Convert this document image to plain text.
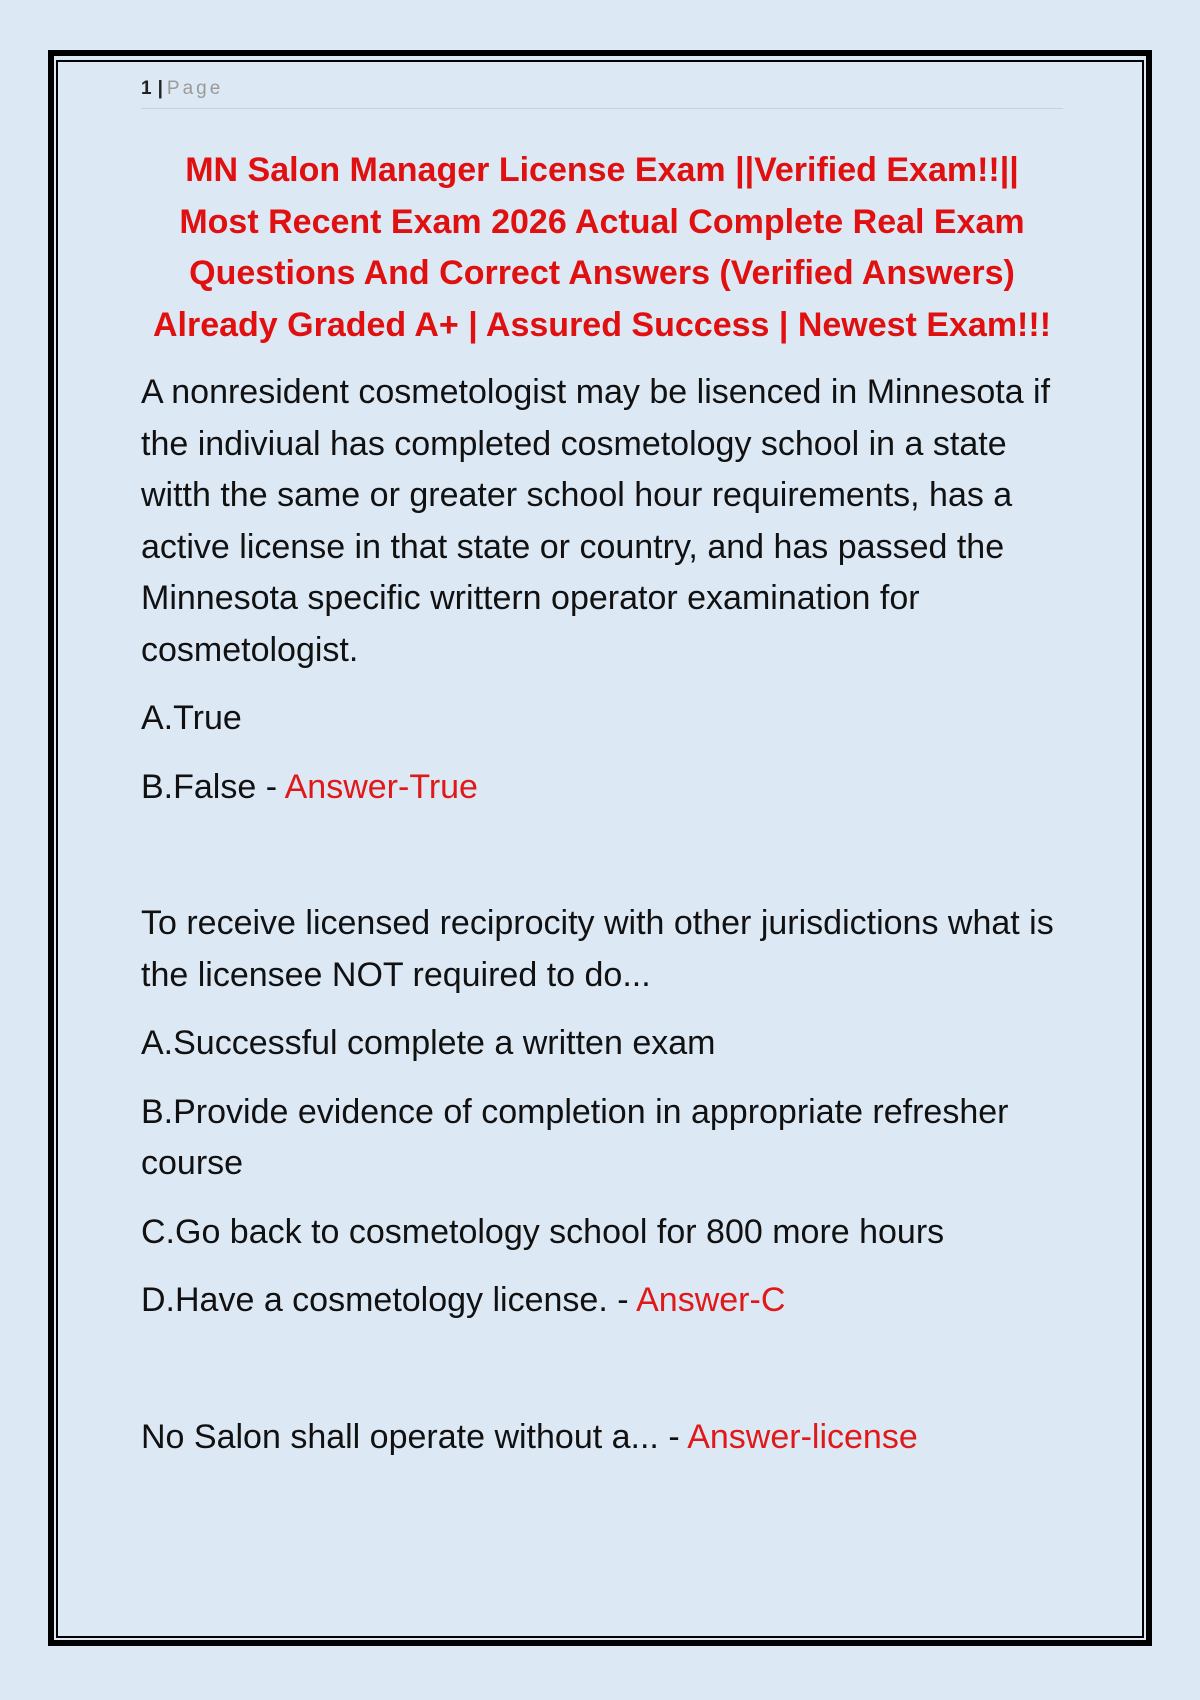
1 | Page
MN Salon Manager License Exam ||Verified Exam!!|| Most Recent Exam 2026 Actual Complete Real Exam Questions And Correct Answers (Verified Answers) Already Graded A+ | Assured Success | Newest Exam!!!

A nonresident cosmetologist may be lisenced in Minnesota if the indiviual has completed cosmetology school in a state witth the same or greater school hour requirements, has a active license in that state or country, and has passed the Minnesota specific writtern operator examination for cosmetologist.

A.True

B.False - Answer-True

To receive licensed reciprocity with other jurisdictions what is the licensee NOT required to do...

A.Successful complete a written exam

B.Provide evidence of completion in appropriate refresher course

C.Go back to cosmetology school for 800 more hours

D.Have a cosmetology license. - Answer-C

No Salon shall operate without a... - Answer-license
